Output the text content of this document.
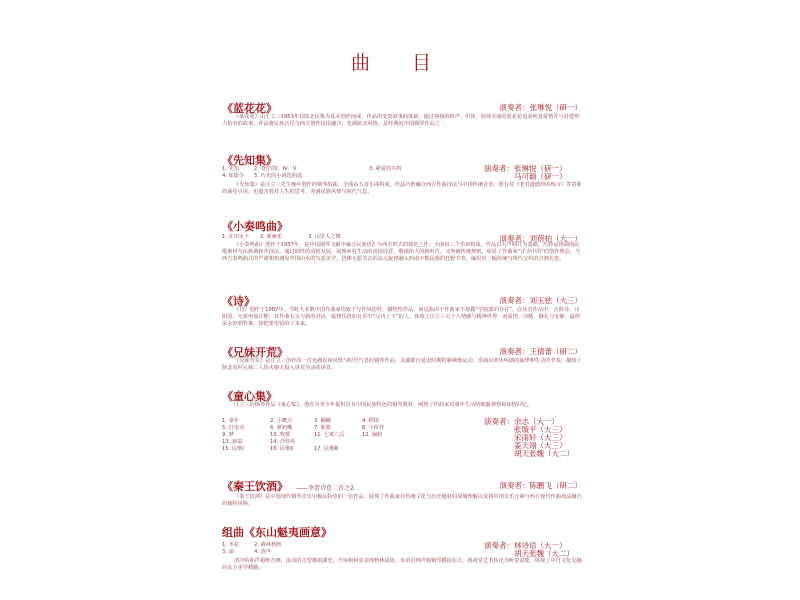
曲 目
《蓝花花》	演奏者：张琳悦（研一）
《蓝花花》由王立三1953年以陕北民歌为基本创作而成，作品用变奏叙事曲体裁，通过抑扬的和声、织体，展现美丽的蓝花花追求纯真爱情并与封建势力抗争的故事，作品将民族音乐与西方创作技法融合，充满陕北风情，是经典的中国钢琴作品之一。
《先知集》
演奏者：张琳悦（研一）
马可颖（研一）
1. 先知	2. 苍茫的Ⅰ、Ⅳ、Ⅴ	3. 慈爱的共鸣
4. 如影令	5. 巧光的小调选曲选
《先知集》是汪立三先生晚年创作的钢琴组曲，全曲由五首小曲构成，作品巧妙融合西方作曲技法与中国传统音乐，既有对《老君道德经的练习》等意象的深化引用，也蕴含着对人生的思考，充满民族风情与时代气息。
《小奏鸣曲》
演奏者：刘蓓柏（大一）
1. 在田水下	2. 新庵乐	3. 山里人之舞
《小奏鸣曲》创作于1957年，是中国钢琴文献中融合民族语汇与西方形式的典范之作。全曲由三个乐章构成，作品以五声调式为基础，巧妙运用湖南民歌素材与民族调和声技法，通过调性的动机发展，展现乡村生活的田园诗意，歌颂伟大的新时代。又突破传统规则，彰显了作曲家“洋为中用”的创作理念。当西方奏鸣曲式的严谨架构遇见中国山水的写意美学，仿佛无限关音的高亢旋律融入西南少数民族的狂野节奏，编织出一幅传统与现代交织的音画长卷。
《诗》	演奏者：刘玉铉（大三）
《诗》创作于1987年，当时大多数中国作曲家均致于写作风俗性、描绘性作品，而这曲由于作曲家不愿做“学院派的存在”，在该首作品中，音阶诗、诗阳韵、无需再加注释，其作曲有又与新的对话，旋律乐段如音乐中“汉诗上下”的人，体现了汪立三另个人情感与精神世界，而温情、冷酷、静孔与安静，最终采永恒到答案，却把希望留给了未来。
《兄妹开荒》	演奏者：王倩蕾（研二）
《兄妹开荒》是汪立三创作的一首充满民间风情与时代气息的钢琴作品，灵感源自延安时期的新秧歌运动。乐曲以欢快明朗的旋律和生动的节奏，描绘了陕北农村兄妹二人热火朝天投入垦荒劳动的场景。
《童心集》
汪立三的钢琴作品《童心集》，他在为青少年提供具有中国民族特色的钢琴教材，阐现了作曲家对童年生活的细腻观察和深情回忆。
1. 童年	2. 小鹰点	3. 蹦蹦	4. 稻镜
5. 打电话	6. 驱奶嘴	7. 船歌	8. 小伙伴
9. 梦	10. 牧歌	11. 七寓八岳	12. 佩腊
13. 悬翁	14. 洋娃娃
15. 民歌Ⅰ	16. 民歌Ⅱ	17. 民歌Ⅲ
演奏者：余志（大一）
张璇平（大三）
宋雨轩（大三）
姜天翊（大三）
胡天张魏（大二）
《秦王饮酒》 ——李贺诗意二首之2	演奏者：陈鹏飞（研二）
《秦王饮酒》是中国现代钢琴音乐中极具特色的一首作品，展现了作曲家对传统文化与历史题材的深刻理解以及将中国音乐元素与西方现代作曲技法融合的独特风格。
组曲《东山魁夷画意》
演奏者：林诗语（大一）
胡天张魏（大二）
1. 冬花	2. 森林秋画
3. 涌	4. 涛声
清冷的和声超绝音画，流动的音型模拟湖光，不协和和弦表现秋林晨妆，末章以钟声般钢琴模拟东方，将视觉艺术转化为听觉意象，体现了中日文化交融的东方美学精髓。
